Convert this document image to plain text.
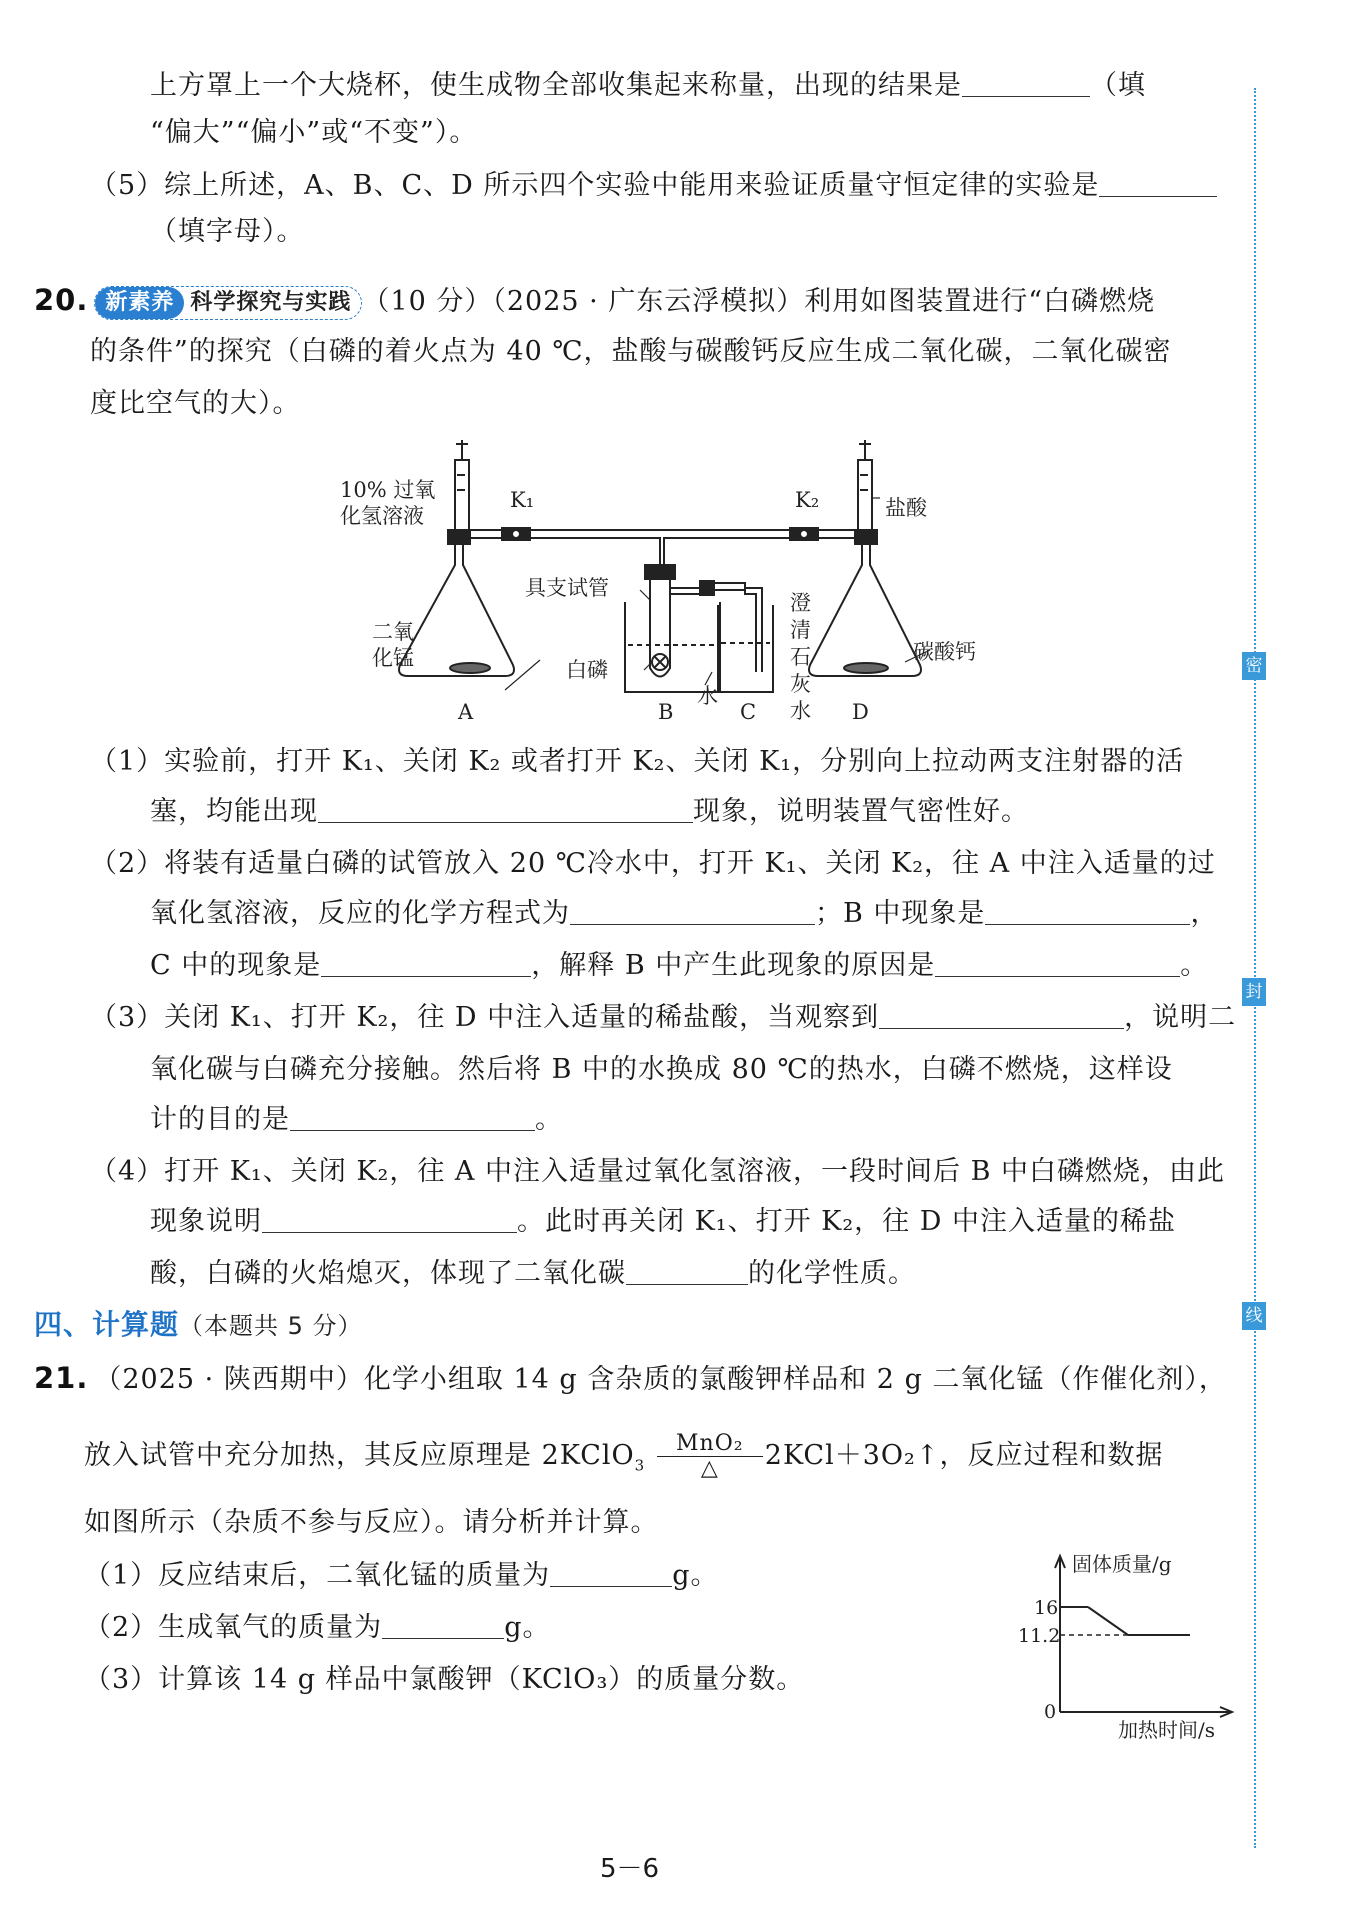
上方罩上一个大烧杯，使生成物全部收集起来称量，出现的结果是	（填
“偏大”“偏小”或“不变”）。
（5）综上所述，A、B、C、D 所示四个实验中能用来验证质量守恒定律的实验是
（填字母）。
20. 新素养 科学探究与实践 （10 分）（2025 · 广东云浮模拟）利用如图装置进行“白磷燃烧
的条件”的探究（白磷的着火点为 40 ℃，盐酸与碳酸钙反应生成二氧化碳，二氧化碳密
度比空气的大）。
10% 过氧
化氢溶液
K₁	K₂	盐酸
具支试管
二氧
化锰	白磷
水
澄
清
石
灰
水
碳酸钙
A	B	C	D
（1）实验前，打开 K₁、关闭 K₂ 或者打开 K₂、关闭 K₁，分别向上拉动两支注射器的活
塞，均能出现	现象，说明装置气密性好。
（2）将装有适量白磷的试管放入 20 ℃冷水中，打开 K₁、关闭 K₂，往 A 中注入适量的过
氧化氢溶液，反应的化学方程式为	；B 中现象是	，
C 中的现象是	，解释 B 中产生此现象的原因是	。
（3）关闭 K₁、打开 K₂，往 D 中注入适量的稀盐酸，当观察到	，说明二
氧化碳与白磷充分接触。然后将 B 中的水换成 80 ℃的热水，白磷不燃烧，这样设
计的目的是	。
（4）打开 K₁、关闭 K₂，往 A 中注入适量过氧化氢溶液，一段时间后 B 中白磷燃烧，由此
现象说明	。此时再关闭 K₁、打开 K₂，往 D 中注入适量的稀盐
酸，白磷的火焰熄灭，体现了二氧化碳	的化学性质。
四、计算题（本题共 5 分）
21. （2025 · 陕西期中）化学小组取 14 g 含杂质的氯酸钾样品和 2 g 二氧化锰（作催化剂），
放入试管中充分加热，其反应原理是 2KClO$_3$ $\frac{\text{MnO₂}}{\triangle}$ 2KCl＋3O₂↑，反应过程和数据
如图所示（杂质不参与反应）。请分析并计算。
（1）反应结束后，二氧化锰的质量为	g。
（2）生成氧气的质量为	g。
（3）计算该 14 g 样品中氯酸钾（KClO₃）的质量分数。
固体质量/g
16
11.2
0
加热时间/s
密
封
线
5－6
